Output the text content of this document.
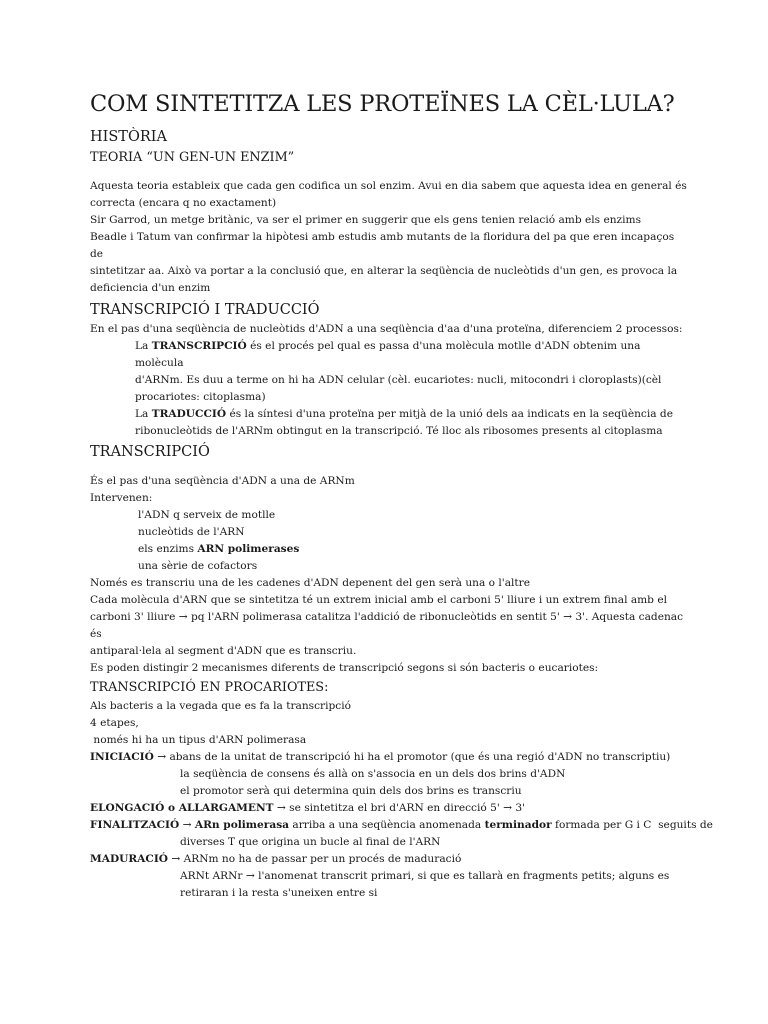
COM SINTETITZA LES PROTEÏNES LA CÈL·LULA?
HISTÒRIA
TEORIA “UN GEN-UN ENZIM”

Aquesta teoria estableix que cada gen codifica un sol enzim. Avui en dia sabem que aquesta idea en general és

correcta (encara q no exactament)

Sir Garrod, un metge britànic, va ser el primer en suggerir que els gens tenien relació amb els enzims

Beadle i Tatum van confirmar la hipòtesi amb estudis amb mutants de la floridura del pa que eren incapaços de

sintetitzar aa. Això va portar a la conclusió que, en alterar la seqüència de nucleòtids d'un gen, es provoca la

deficiencia d'un enzim

TRANSCRIPCIÓ I TRADUCCIÓ

En el pas d'una seqüència de nucleòtids d'ADN a una seqüència d'aa d'una proteïna, diferenciem 2 processos:

La TRANSCRIPCIÓ és el procés pel qual es passa d'una molècula motlle d'ADN obtenim una molècula

d'ARNm. Es duu a terme on hi ha ADN celular (cèl. eucariotes: nucli, mitocondri i cloroplasts)(cèl

procariotes: citoplasma)

La TRADUCCIÓ és la síntesi d'una proteïna per mitjà de la unió dels aa indicats en la seqüència de

ribonucleòtids de l'ARNm obtingut en la transcripció. Té lloc als ribosomes presents al citoplasma

TRANSCRIPCIÓ

És el pas d'una seqüència d'ADN a una de ARNm

Intervenen:

l'ADN q serveix de motlle

nucleòtids de l'ARN

els enzims ARN polimerases

una sèrie de cofactors

Només es transcriu una de les cadenes d'ADN depenent del gen serà una o l'altre

Cada molècula d'ARN que se sintetitza té un extrem inicial amb el carboni 5' lliure i un extrem final amb el

carboni 3' lliure → pq l'ARN polimerasa catalitza l'addició de ribonucleòtids en sentit 5' → 3'. Aquesta cadenac és

antiparal·lela al segment d'ADN que es transcriu.

Es poden distingir 2 mecanismes diferents de transcripció segons si són bacteris o eucariotes:

TRANSCRIPCIÓ EN PROCARIOTES:

Als bacteris a la vegada que es fa la transcripció

4 etapes,

només hi ha un tipus d'ARN polimerasa

INICIACIÓ → abans de la unitat de transcripció hi ha el promotor (que és una regió d'ADN no transcriptiu)

la seqüència de consens és allà on s'associa en un dels dos brins d'ADN

el promotor serà qui determina quin dels dos brins es transcriu

ELONGACIÓ o ALLARGAMENT → se sintetitza el bri d'ARN en direcció 5' → 3'

FINALITZACIÓ → ARn polimerasa arriba a una seqüència anomenada terminador formada per G i C  seguits de

diverses T que origina un bucle al final de l'ARN

MADURACIÓ → ARNm no ha de passar per un procés de maduració

ARNt ARNr → l'anomenat transcrit primari, si que es tallarà en fragments petits; alguns es

retiraran i la resta s'uneixen entre si
